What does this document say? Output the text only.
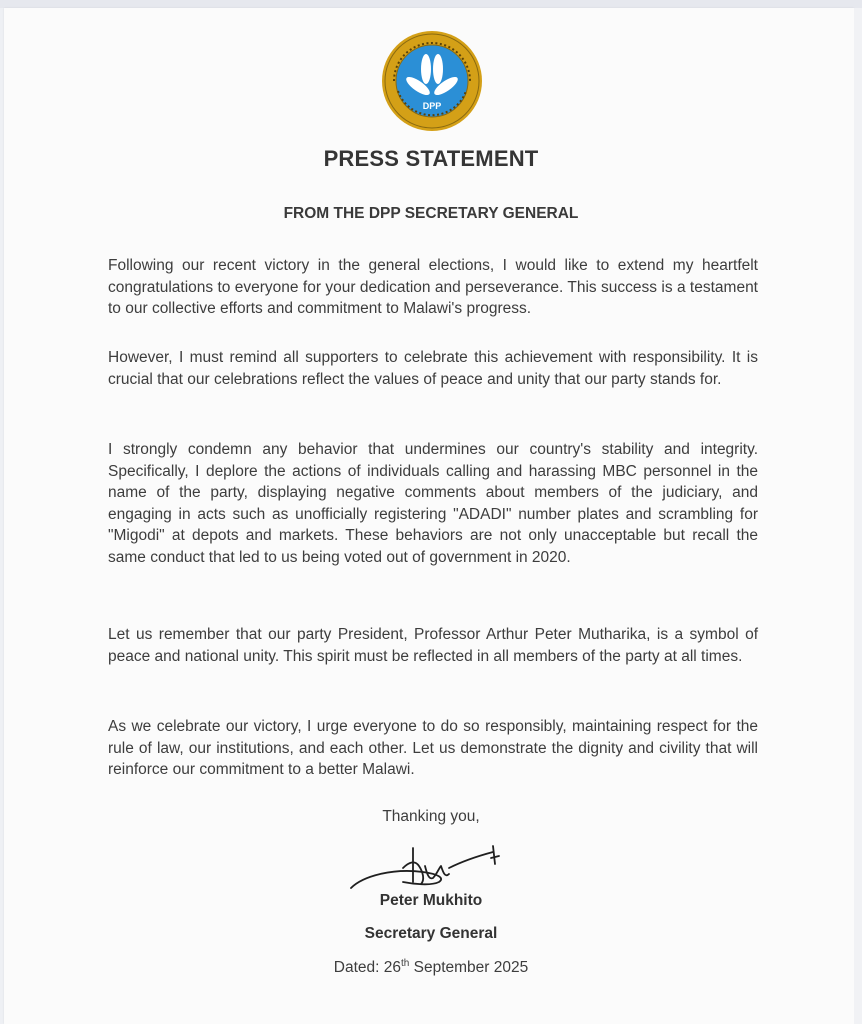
DPP
PRESS STATEMENT
FROM THE DPP SECRETARY GENERAL
Following our recent victory in the general elections, I would like to extend my heartfelt congratulations to everyone for your dedication and perseverance. This success is a testament to our collective efforts and commitment to Malawi's progress.
However, I must remind all supporters to celebrate this achievement with responsibility. It is crucial that our celebrations reflect the values of peace and unity that our party stands for.
I strongly condemn any behavior that undermines our country's stability and integrity. Specifically, I deplore the actions of individuals calling and harassing MBC personnel in the name of the party, displaying negative comments about members of the judiciary, and engaging in acts such as unofficially registering "ADADI" number plates and scrambling for "Migodi" at depots and markets. These behaviors are not only unacceptable but recall the same conduct that led to us being voted out of government in 2020.
Let us remember that our party President, Professor Arthur Peter Mutharika, is a symbol of peace and national unity. This spirit must be reflected in all members of the party at all times.
As we celebrate our victory, I urge everyone to do so responsibly, maintaining respect for the rule of law, our institutions, and each other. Let us demonstrate the dignity and civility that will reinforce our commitment to a better Malawi.
Thanking you,
Peter Mukhito
Secretary General
Dated: 26th September 2025
